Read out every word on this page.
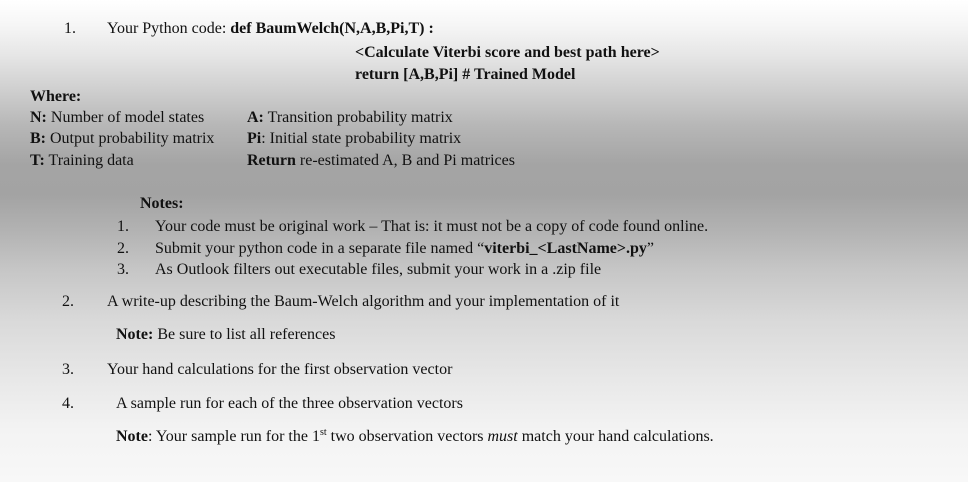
1. Your Python code: def BaumWelch(N,A,B,Pi,T) :
<Calculate Viterbi score and best path here>
return [A,B,Pi] # Trained Model
Where:
N: Number of model states
B: Output probability matrix
T: Training data
A: Transition probability matrix
Pi: Initial state probability matrix
Return re-estimated A, B and Pi matrices
Notes:
1. Your code must be original work – That is: it must not be a copy of code found online.
2. Submit your python code in a separate file named “viterbi_<LastName>.py”
3. As Outlook filters out executable files, submit your work in a .zip file
2. A write-up describing the Baum-Welch algorithm and your implementation of it
Note: Be sure to list all references
3. Your hand calculations for the first observation vector
4.	A sample run for each of the three observation vectors
Note: Your sample run for the 1st two observation vectors must match your hand calculations.
